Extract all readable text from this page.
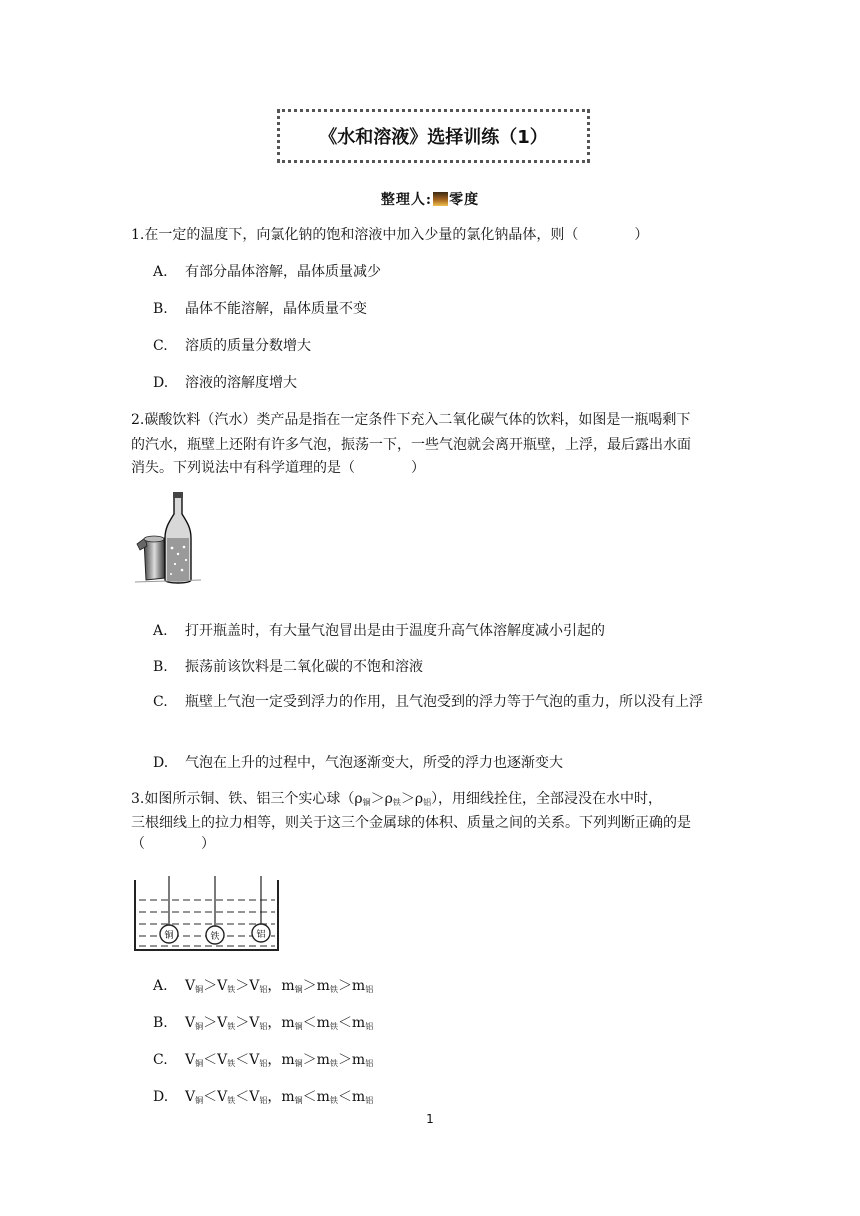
《水和溶液》选择训练（1）
整理人: 零度
1.在一定的温度下，向氯化钠的饱和溶液中加入少量的氯化钠晶体，则（　　　　）
A. 有部分晶体溶解，晶体质量减少
B. 晶体不能溶解，晶体质量不变
C. 溶质的质量分数增大
D. 溶液的溶解度增大
2.碳酸饮料（汽水）类产品是指在一定条件下充入二氧化碳气体的饮料，如图是一瓶喝剩下
的汽水，瓶壁上还附有许多气泡，振荡一下，一些气泡就会离开瓶壁，上浮，最后露出水面
消失。下列说法中有科学道理的是（　　　　）
A. 打开瓶盖时，有大量气泡冒出是由于温度升高气体溶解度减小引起的
B. 振荡前该饮料是二氧化碳的不饱和溶液
C. 瓶壁上气泡一定受到浮力的作用，且气泡受到的浮力等于气泡的重力，所以没有上浮
D. 气泡在上升的过程中，气泡逐渐变大，所受的浮力也逐渐变大
3.如图所示铜、铁、铝三个实心球$(\rho_铜>\rho_铁>\rho_铝)$，用细线拴住，全部浸没在水中时，
三根细线上的拉力相等，则关于这三个金属球的体积、质量之间的关系。下列判断正确的是
（　　　　）
铜	铁	铝
A. $V_铜>V_铁>V_铝$，$m_铜>m_铁>m_铝$
B. $V_铜>V_铁>V_铝$，$m_铜<m_铁<m_铝$
C. $V_铜<V_铁<V_铝$，$m_铜>m_铁>m_铝$
D. $V_铜<V_铁<V_铝$，$m_铜<m_铁<m_铝$
1
